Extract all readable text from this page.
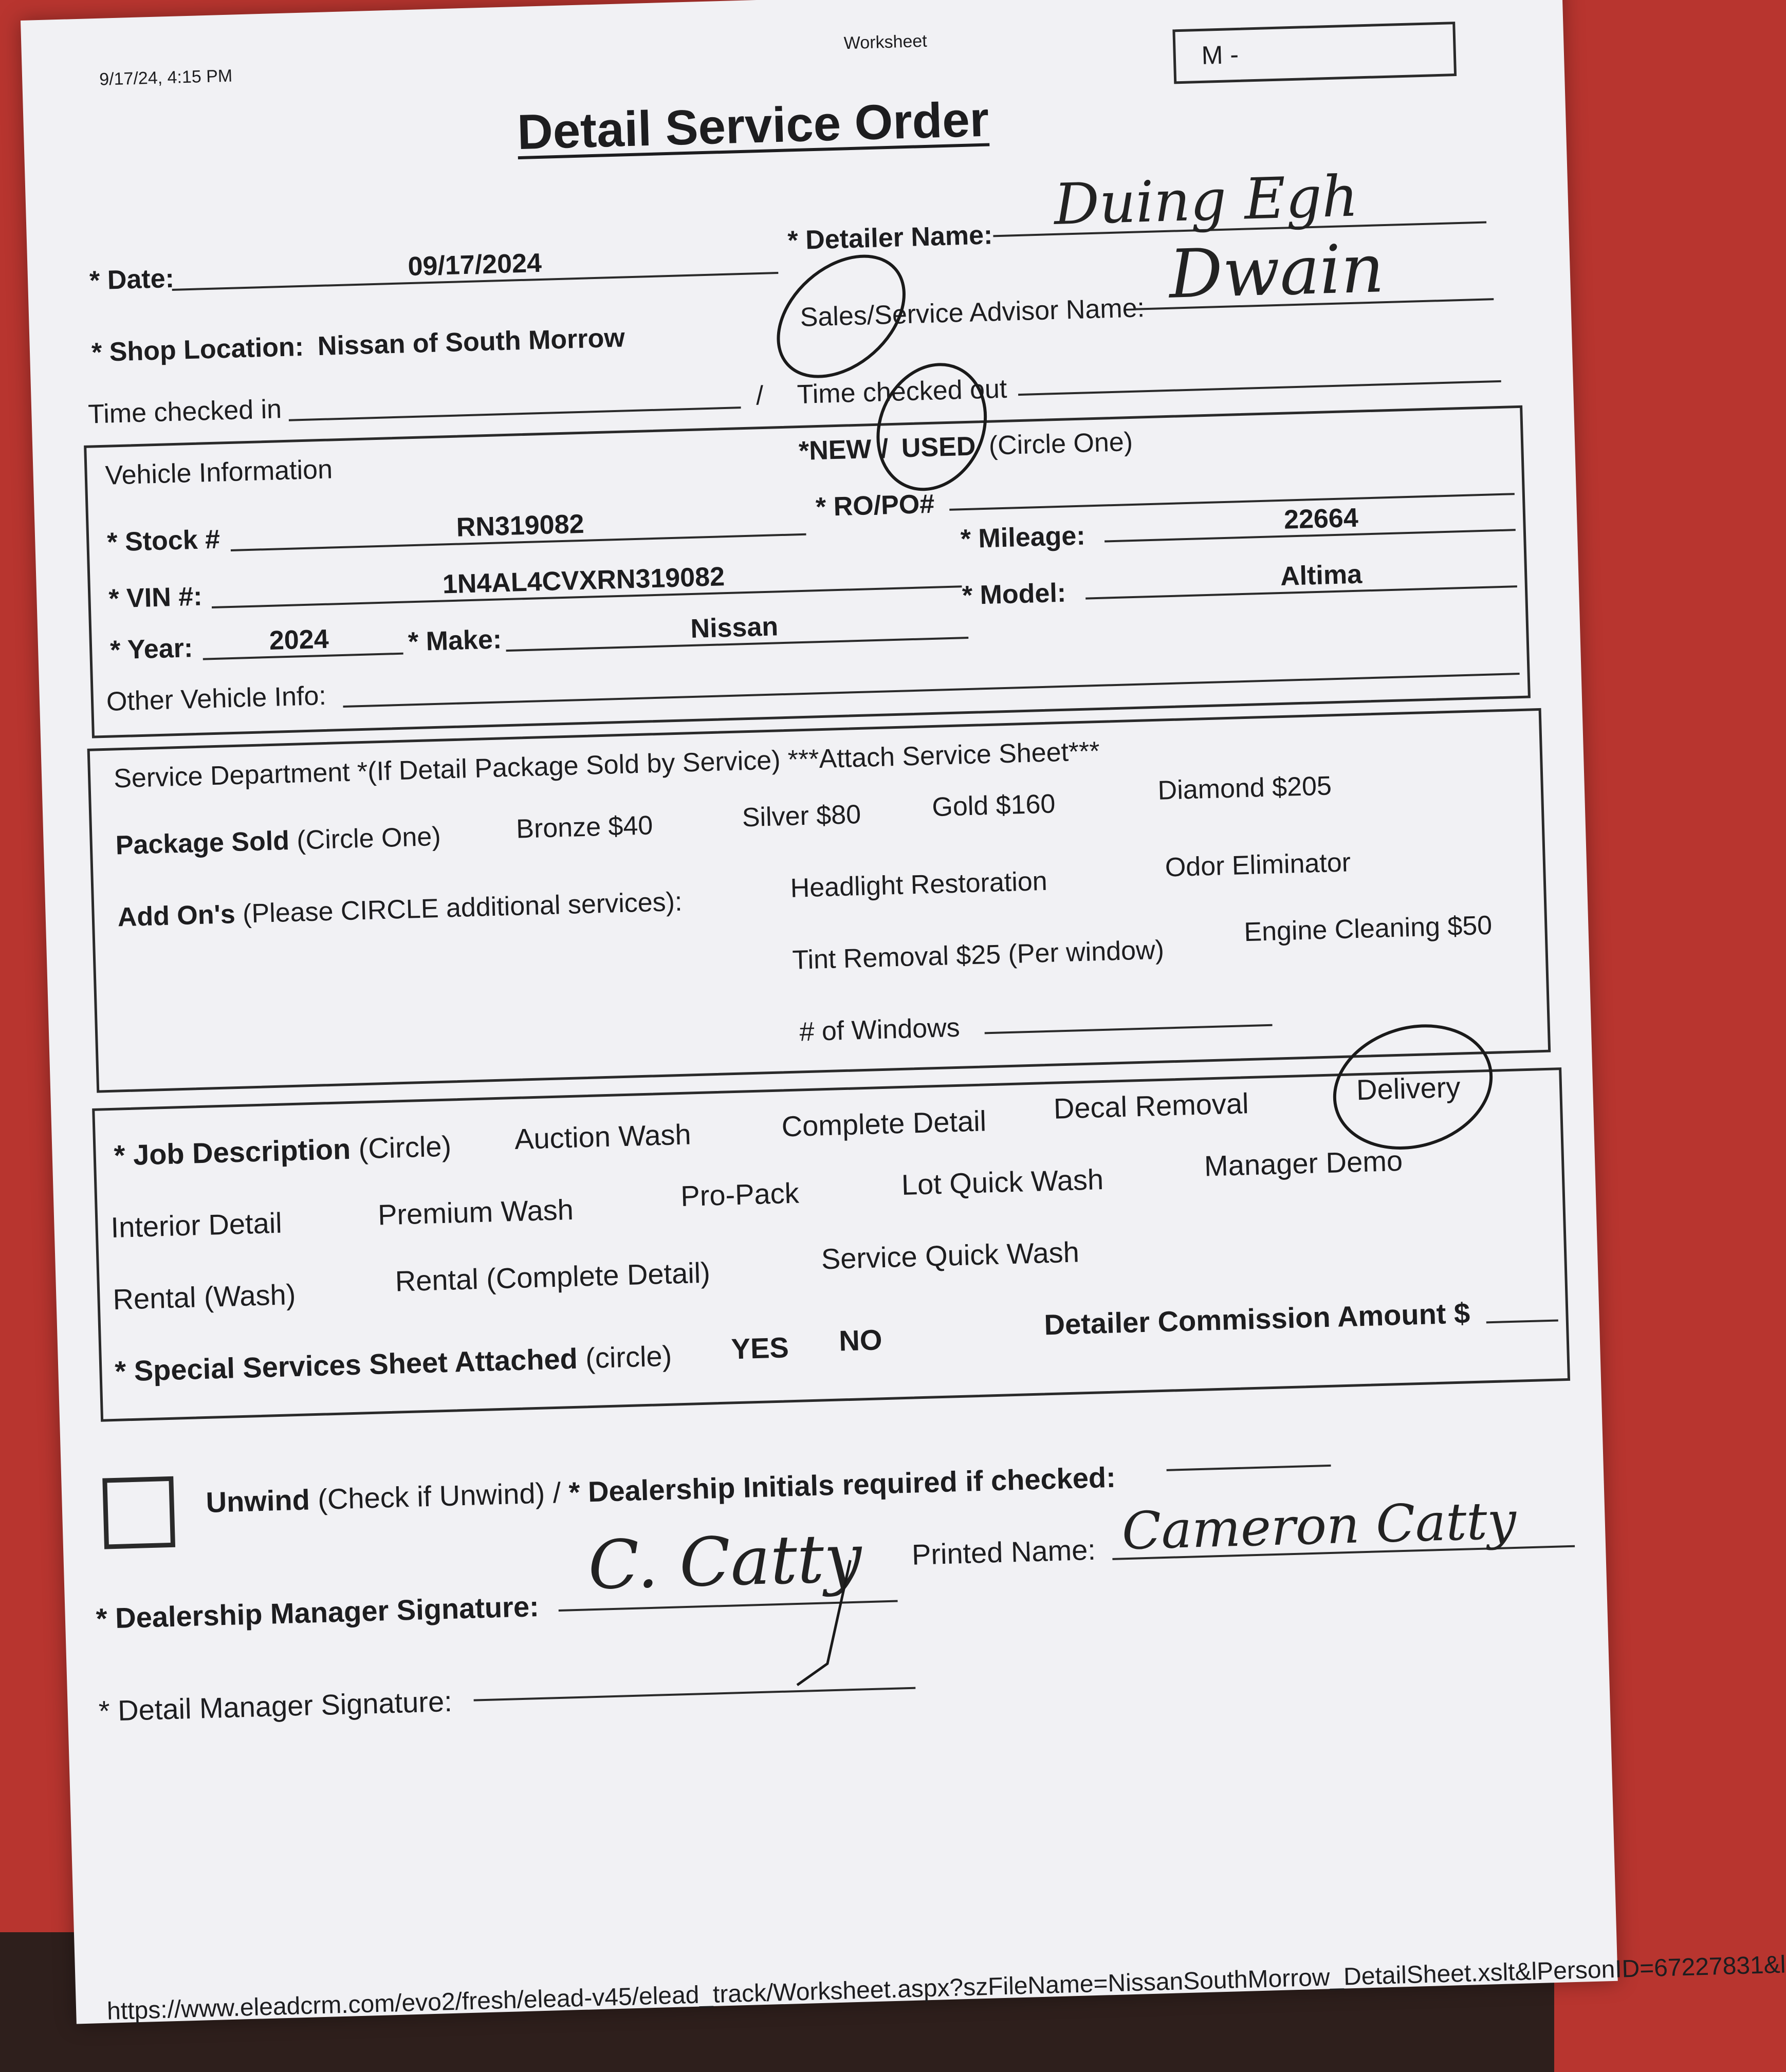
9/17/24, 4:15 PM
Worksheet	M -
Detail Service Order
* Date:	09/17/2024
* Detailer Name:
Duing Egh
Sales/Service Advisor Name: Dwain
* Shop Location: Nissan of South Morrow
Time checked in	/ Time checked out
Vehicle Information
*NEW / USED (Circle One)
* Stock #	RN319082
* RO/PO#
* Mileage:
22664
* VIN #:	1N4AL4CVXRN319082	* Model:
Altima
* Year:	2024	* Make:	Nissan
Other Vehicle Info:
Service Department *(If Detail Package Sold by Service) ***Attach Service Sheet***
Package Sold (Circle One)	Bronze $40	Silver $80	Gold $160	Diamond $205
Add On's (Please CIRCLE additional services):
Headlight Restoration
Odor Eliminator
Tint Removal $25 (Per window)
Engine Cleaning $50
# of Windows
* Job Description (Circle) Auction Wash	Complete Detail Decal Removal	Delivery
Interior Detail	Premium Wash	Pro-Pack	Lot Quick Wash	Manager Demo
Rental (Wash)	Rental (Complete Detail)
Service Quick Wash
* Special Services Sheet Attached (circle) YES NO	Detailer Commission Amount $
Unwind (Check if Unwind) / * Dealership Initials required if checked:
* Dealership Manager Signature:
C. Catty Printed Name: Cameron Catty
* Detail Manager Signature:
https://www.eleadcrm.com/evo2/fresh/elead-v45/elead_track/Worksheet.aspx?szFileName=NissanSouthMorrow_DetailSheet.xslt&lPersonID=67227831&l
